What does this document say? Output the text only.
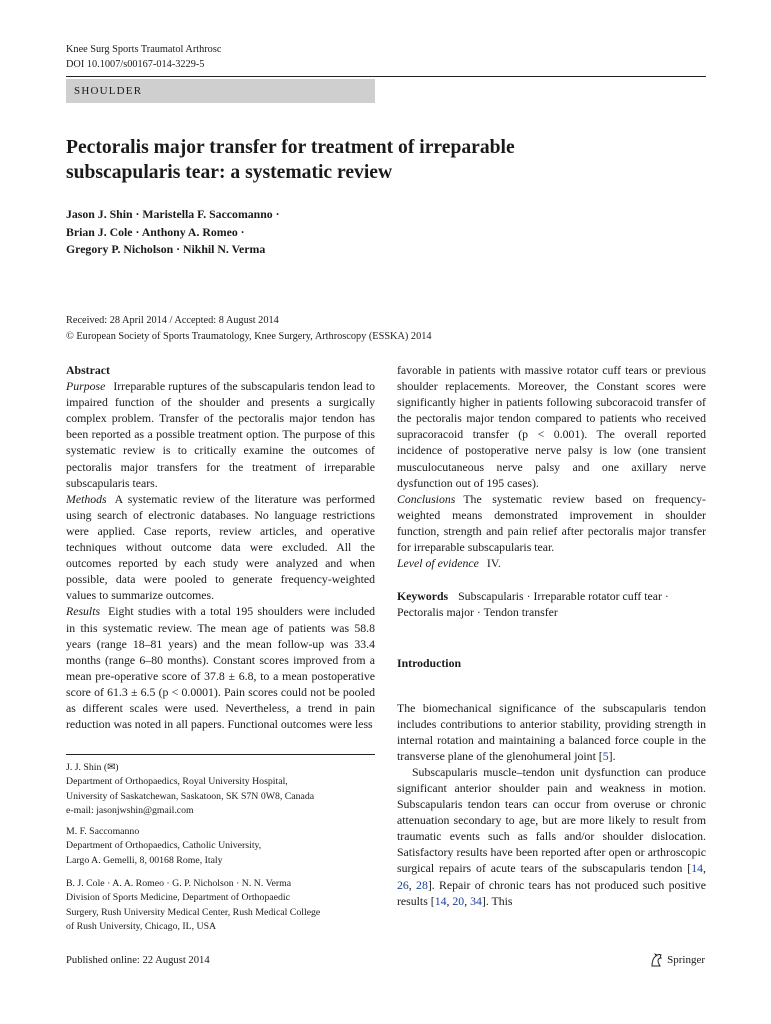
Knee Surg Sports Traumatol Arthrosc
DOI 10.1007/s00167-014-3229-5
SHOULDER
Pectoralis major transfer for treatment of irreparable
subscapularis tear: a systematic review
Jason J. Shin · Maristella F. Saccomanno ·
Brian J. Cole · Anthony A. Romeo ·
Gregory P. Nicholson · Nikhil N. Verma
Received: 28 April 2014 / Accepted: 8 August 2014
© European Society of Sports Traumatology, Knee Surgery, Arthroscopy (ESSKA) 2014

Abstract

Purpose Irreparable ruptures of the subscapularis tendon lead to impaired function of the shoulder and presents a surgically complex problem. Transfer of the pectoralis major tendon has been reported as a possible treatment option. The purpose of this systematic review is to critically examine the outcomes of pectoralis major transfers for the treatment of irreparable subscapularis tears.

Methods A systematic review of the literature was performed using search of electronic databases. No language restrictions were applied. Case reports, review articles, and operative techniques without outcome data were excluded. All the outcomes reported by each study were analyzed and when possible, data were pooled to generate frequency-weighted values to summarize outcomes.

Results Eight studies with a total 195 shoulders were included in this systematic review. The mean age of patients was 58.8 years (range 18–81 years) and the mean follow-up was 33.4 months (range 6–80 months). Constant scores improved from a mean pre-operative score of 37.8 ± 6.8, to a mean postoperative score of 61.3 ± 6.5 (p < 0.0001). Pain scores could not be pooled as different scales were used. Nevertheless, a trend in pain reduction was noted in all papers. Functional outcomes were less

favorable in patients with massive rotator cuff tears or previous shoulder replacements. Moreover, the Constant scores were significantly higher in patients following subcoracoid transfer of the pectoralis major tendon compared to patients who received supracoracoid transfer (p < 0.001). The overall reported incidence of postoperative nerve palsy is low (one transient musculocutaneous nerve palsy and one axillary nerve dysfunction out of 195 cases).

Conclusions The systematic review based on frequency-weighted means demonstrated improvement in shoulder function, strength and pain relief after pectoralis major transfer for irreparable subscapularis tear.

Level of evidence IV.

Keywords Subscapularis · Irreparable rotator cuff tear · Pectoralis major · Tendon transfer

Introduction

The biomechanical significance of the subscapularis tendon includes contributions to anterior stability, providing strength in internal rotation and maintaining a balanced force couple in the transverse plane of the glenohumeral joint [5].

Subscapularis muscle–tendon unit dysfunction can produce significant anterior shoulder pain and weakness in motion. Subscapularis tendon tears can occur from overuse or chronic attenuation secondary to age, but are more likely to result from traumatic events such as falls and/or shoulder dislocation. Satisfactory results have been reported after open or arthroscopic surgical repairs of acute tears of the subscapularis tendon [14, 26, 28]. Repair of chronic tears has not produced such positive results [14, 20, 34]. This

J. J. Shin (✉)

Department of Orthopaedics, Royal University Hospital,

University of Saskatchewan, Saskatoon, SK S7N 0W8, Canada

e-mail: jasonjwshin@gmail.com

M. F. Saccomanno

Department of Orthopaedics, Catholic University,

Largo A. Gemelli, 8, 00168 Rome, Italy

B. J. Cole · A. A. Romeo · G. P. Nicholson · N. N. Verma

Division of Sports Medicine, Department of Orthopaedic

Surgery, Rush University Medical Center, Rush Medical College

of Rush University, Chicago, IL, USA

Published online: 22 August 2014	Springer
